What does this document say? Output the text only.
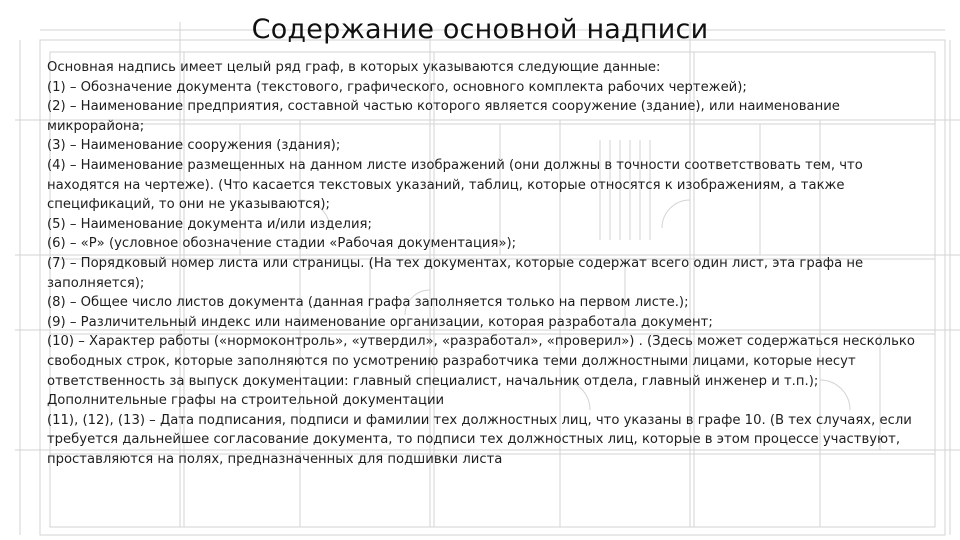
Содержание основной надписи
Основная надпись имеет целый ряд граф, в которых указываются следующие данные:
(1) – Обозначение документа (текстового, графического, основного комплекта рабочих чертежей);
(2) – Наименование предприятия, составной частью которого является сооружение (здание), или наименование микрорайона;
(3) – Наименование сооружения (здания);
(4) – Наименование размещенных на данном листе изображений (они должны в точности соответствовать тем, что находятся на чертеже). (Что касается текстовых указаний, таблиц, которые относятся к изображениям, а также спецификаций, то они не указываются);
(5) – Наименование документа и/или изделия;
(6) – «Р» (условное обозначение стадии «Рабочая документация»);
(7) – Порядковый номер листа или страницы. (На тех документах, которые содержат всего один лист, эта графа не заполняется);
(8) – Общее число листов документа (данная графа заполняется только на первом листе.);
(9) – Различительный индекс или наименование организации, которая разработала документ;
(10) – Характер работы («нормоконтроль», «утвердил», «разработал», «проверил») . (Здесь может содержаться несколько свободных строк, которые заполняются по усмотрению разработчика теми должностными лицами, которые несут ответственность за выпуск документации: главный специалист, начальник отдела, главный инженер и т.п.);
Дополнительные графы на строительной документации
(11), (12), (13) – Дата подписания, подписи и фамилии тех должностных лиц, что указаны в графе 10. (В тех случаях, если требуется дальнейшее согласование документа, то подписи тех должностных лиц, которые в этом процессе участвуют, проставляются на полях, предназначенных для подшивки листа
